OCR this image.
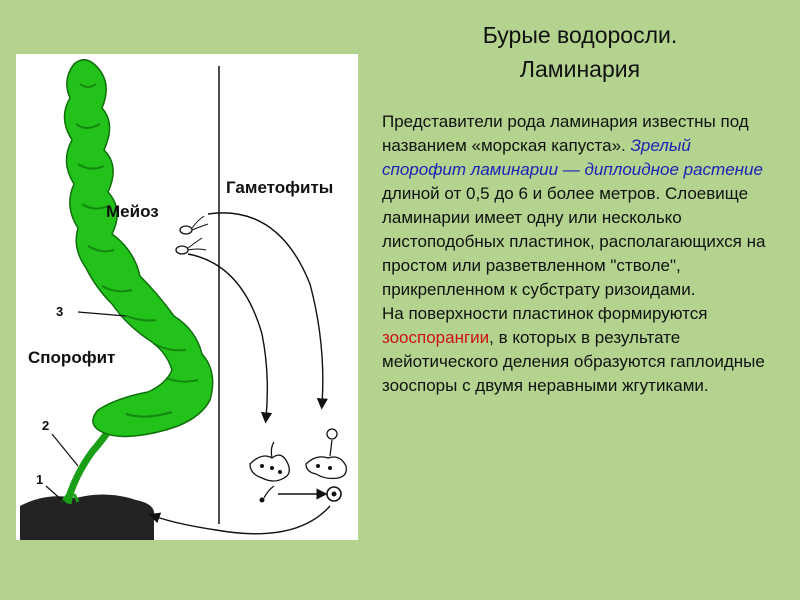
Бурые водоросли.
Ламинария
Мейоз
Гаметофиты
Спорофит
3
2
1

Представители рода ламинария известны под названием «морская капуста». Зрелый спорофит ламинарии — диплоидное растение длиной от 0,5 до 6 и более метров. Слоевище ламинарии имеет одну или несколько листоподобных пластинок, располагающихся на простом или разветвленном "стволе", прикрепленном к субстрату ризоидами.

На поверхности пластинок формируются зооспорангии, в которых в результате мейотического деления образуются гаплоидные зооспоры с двумя неравными жгутиками.
